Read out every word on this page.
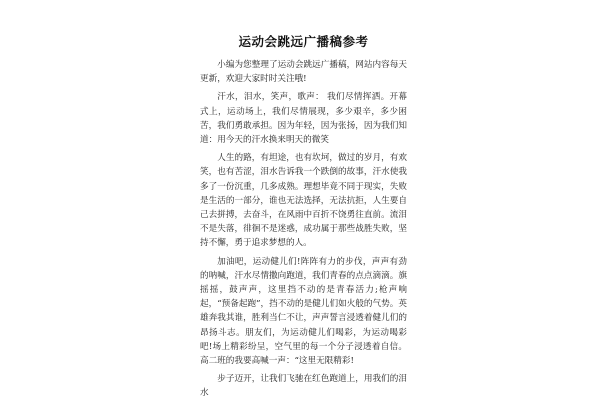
运动会跳远广播稿参考

小编为您整理了运动会跳远广播稿，网站内容每天更新，欢迎大家时时关注哦!

汗水，泪水，笑声，歌声： 我们尽情挥洒。开幕式上，运动场上，我们尽情展现，多少艰辛，多少困苦，我们勇敢承担。因为年轻，因为张扬，因为我们知道：用今天的汗水换来明天的微笑

人生的路，有坦途，也有坎坷，做过的岁月，有欢笑，也有苦涩，泪水告诉我一个跌倒的故事，汗水使我多了一份沉重，几多成熟。理想毕竟不同于现实，失败是生活的一部分，谁也无法选择，无法抗拒，人生要自己去拼搏，去奋斗，在风雨中百折不饶勇往直前。流泪不是失落，徘徊不是迷惑，成功属于那些战胜失败，坚持不懈，勇于追求梦想的人。

加油吧，运动健儿们!阵阵有力的步伐，声声有劲的呐喊，汗水尽情撒向跑道，我们青春的点点滴滴。旗摇摇，鼓声声，这里挡不动的是青春活力;枪声响起，“预备起跑”，挡不动的是健儿们如火般的气势。英雄奔我其谁，胜利当仁不让，声声誓言浸透着健儿们的昂扬斗志。朋友们，为运动健儿们喝彩，为运动喝彩吧!场上精彩纷呈，空气里的每一个分子浸透着自信。高二班的我要高喊一声：“这里无限精彩!

步子迈开，让我们飞驰在红色跑道上，用我们的泪水
